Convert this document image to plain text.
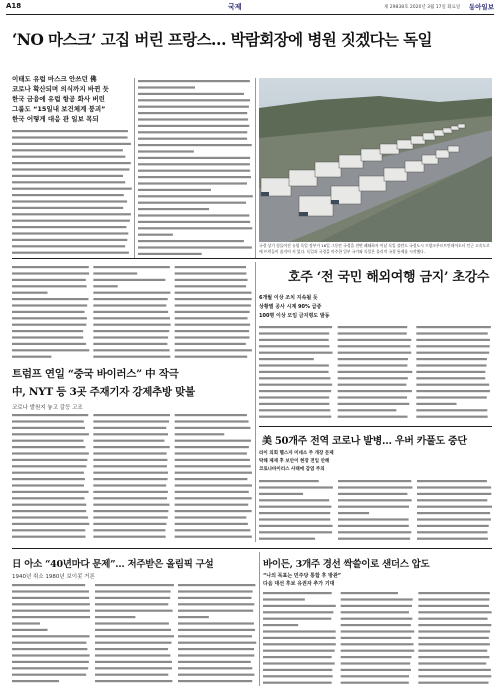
A18	국제	제 29838호 2020년 3월 17일 화요일 동아일보
‘NO 마스크’ 고집 버린 프랑스… 박람회장에 병원 짓겠다는 독일
이태도 유럽 마스크 안쓰던 佛
코로나 확산되며 의식까지 바뀐 듯
한국 금융에 유럽 항공 화사 버린
그룹도 “15일내 보건체계 붕괴”
한국 어떻게 대응 관 일보 목되
국경 상기 힘들어진 유럽 독일 정부가 16일 그동안 국경을 전면 폐쇄하자 이날 독일 폴란드 국경도시 프랑크푸르트안데어오더 인근 고속도로에 트럭들이 줄지어 서 있다. 독일과 국경을 마주한 일부 국가와 독일은 물리적 국경 통제를 시작했다.
호주 ‘전 국민 해외여행 금지’ 초강수
6개월 이상 조치 지속될 듯
상황별 공사 시계 90% 급증
100명 이상 모임 금지령도 발동
트럼프 연일 “중국 바이러스” 中 작극
中, NYT 등 3곳 주재기자 강제추방 맞불
코로나 발원지 놓고 갈등 고조
美 50개주 전역 코로나 발병… 우버 카풀도 중단
라이 의회 헬스자 미네소 주 개장 문제
탁해 제재 후 보안이 현장 전입 안해
코로나바이러스 사태에 감염 주의
日 아소 “40년마다 문제”… 저주받은 올림픽 구설
1940년 취소 1980년 보이콧 거론
바이든, 3개주 경선 싹쓸이로 샌더스 압도
“나의 목표는 민주당 통합 후 방관”
다음 대선 후보 유권자 추가 기대
